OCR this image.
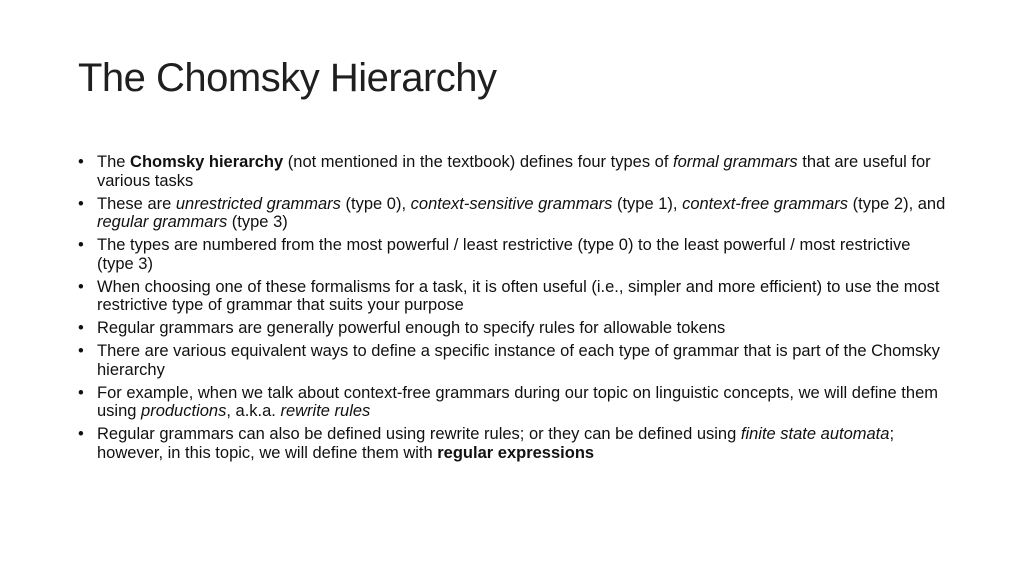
The Chomsky Hierarchy
• The Chomsky hierarchy (not mentioned in the textbook) defines four types of formal grammars that are useful for various tasks
• These are unrestricted grammars (type 0), context-sensitive grammars (type 1), context-free grammars (type 2), and regular grammars (type 3)
• The types are numbered from the most powerful / least restrictive (type 0) to the least powerful / most restrictive (type 3)
• When choosing one of these formalisms for a task, it is often useful (i.e., simpler and more efficient) to use the most restrictive type of grammar that suits your purpose
• Regular grammars are generally powerful enough to specify rules for allowable tokens
• There are various equivalent ways to define a specific instance of each type of grammar that is part of the Chomsky hierarchy
• For example, when we talk about context-free grammars during our topic on linguistic concepts, we will define them using productions, a.k.a. rewrite rules
• Regular grammars can also be defined using rewrite rules; or they can be defined using finite state automata; however, in this topic, we will define them with regular expressions
